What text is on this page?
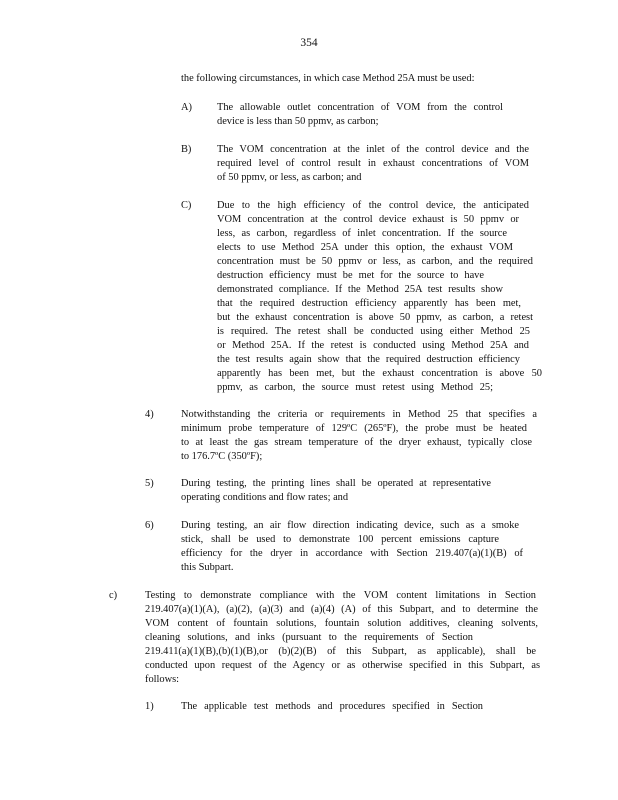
354
the following circumstances, in which case Method 25A must be used:
A) The allowable outlet concentration of VOM from the control
device is less than 50 ppmv, as carbon;
B) The VOM concentration at the inlet of the control device and the
required level of control result in exhaust concentrations of VOM
of 50 ppmv, or less, as carbon; and
C) Due to the high efficiency of the control device, the anticipated
VOM concentration at the control device exhaust is 50 ppmv or
less, as carbon, regardless of inlet concentration. If the source
elects to use Method 25A under this option, the exhaust VOM
concentration must be 50 ppmv or less, as carbon, and the required
destruction efficiency must be met for the source to have
demonstrated compliance. If the Method 25A test results show
that the required destruction efficiency apparently has been met,
but the exhaust concentration is above 50 ppmv, as carbon, a retest
is required. The retest shall be conducted using either Method 25
or Method 25A. If the retest is conducted using Method 25A and
the test results again show that the required destruction efficiency
apparently has been met, but the exhaust concentration is above 50
ppmv, as carbon, the source must retest using Method 25;
4)	Notwithstanding the criteria or requirements in Method 25 that specifies a
minimum probe temperature of 129ºC (265ºF), the probe must be heated
to at least the gas stream temperature of the dryer exhaust, typically close
to 176.7ºC (350ºF);
5)	During testing, the printing lines shall be operated at representative
operating conditions and flow rates; and
6)	During testing, an air flow direction indicating device, such as a smoke
stick, shall be used to demonstrate 100 percent emissions capture
efficiency for the dryer in accordance with Section 219.407(a)(1)(B) of
this Subpart.
c)	Testing to demonstrate compliance with the VOM content limitations in Section
219.407(a)(1)(A), (a)(2), (a)(3) and (a)(4) (A) of this Subpart, and to determine the
VOM content of fountain solutions, fountain solution additives, cleaning solvents,
cleaning solutions, and inks (pursuant to the requirements of Section
219.411(a)(1)(B),(b)(1)(B),or (b)(2)(B) of this Subpart, as applicable), shall be
conducted upon request of the Agency or as otherwise specified in this Subpart, as
follows:
1)	The applicable test methods and procedures specified in Section
